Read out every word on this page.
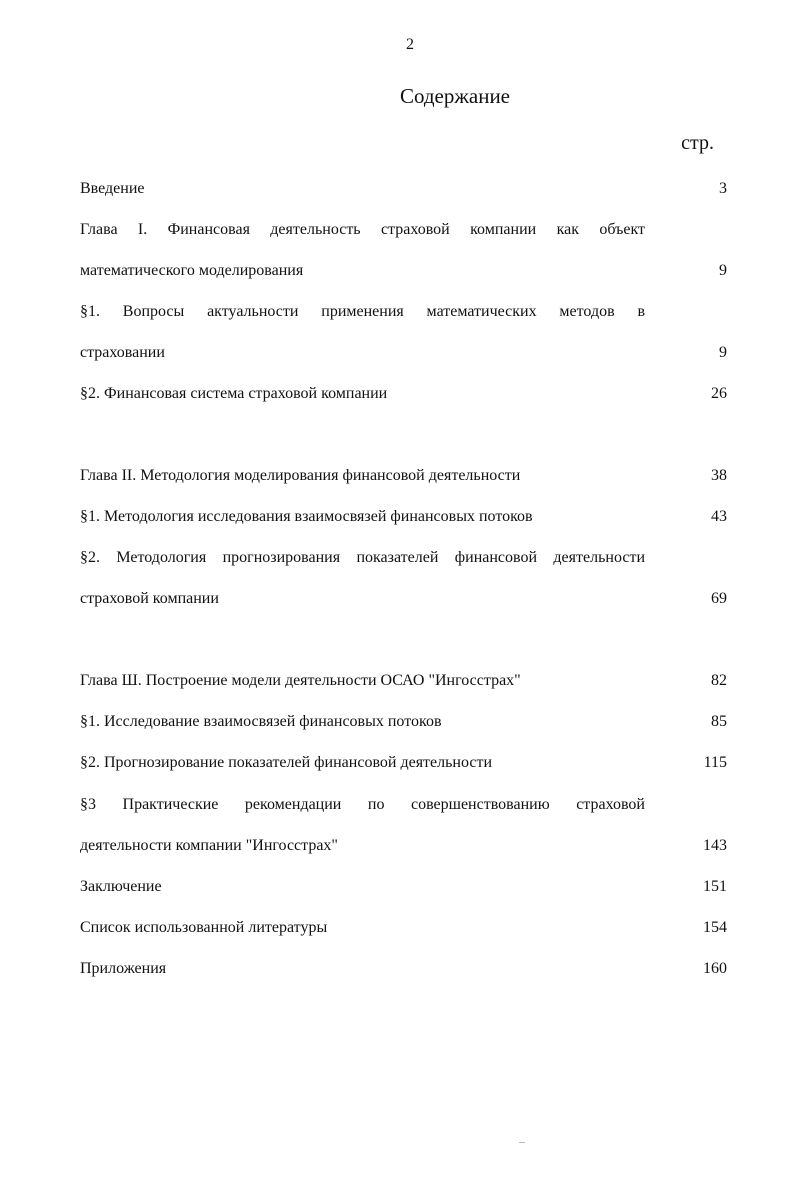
2
Содержание
стр.
Введение	3
Глава I. Финансовая деятельность страховой компании как объект
математического моделирования	9
§1. Вопросы актуальности применения математических методов в
страховании	9
§2. Финансовая система страховой компании	26
Глава II. Методология моделирования финансовой деятельности	38
§1. Методология исследования взаимосвязей финансовых потоков	43
§2. Методология прогнозирования показателей финансовой деятельности
страховой компании	69
Глава Ш. Построение модели деятельности ОСАО "Ингосстрах"	82
§1. Исследование взаимосвязей финансовых потоков	85
§2. Прогнозирование показателей финансовой деятельности	115
§3 Практические рекомендации по совершенствованию страховой
деятельности компании "Ингосстрах"	143
Заключение	151
Список использованной литературы	154
Приложения	160
